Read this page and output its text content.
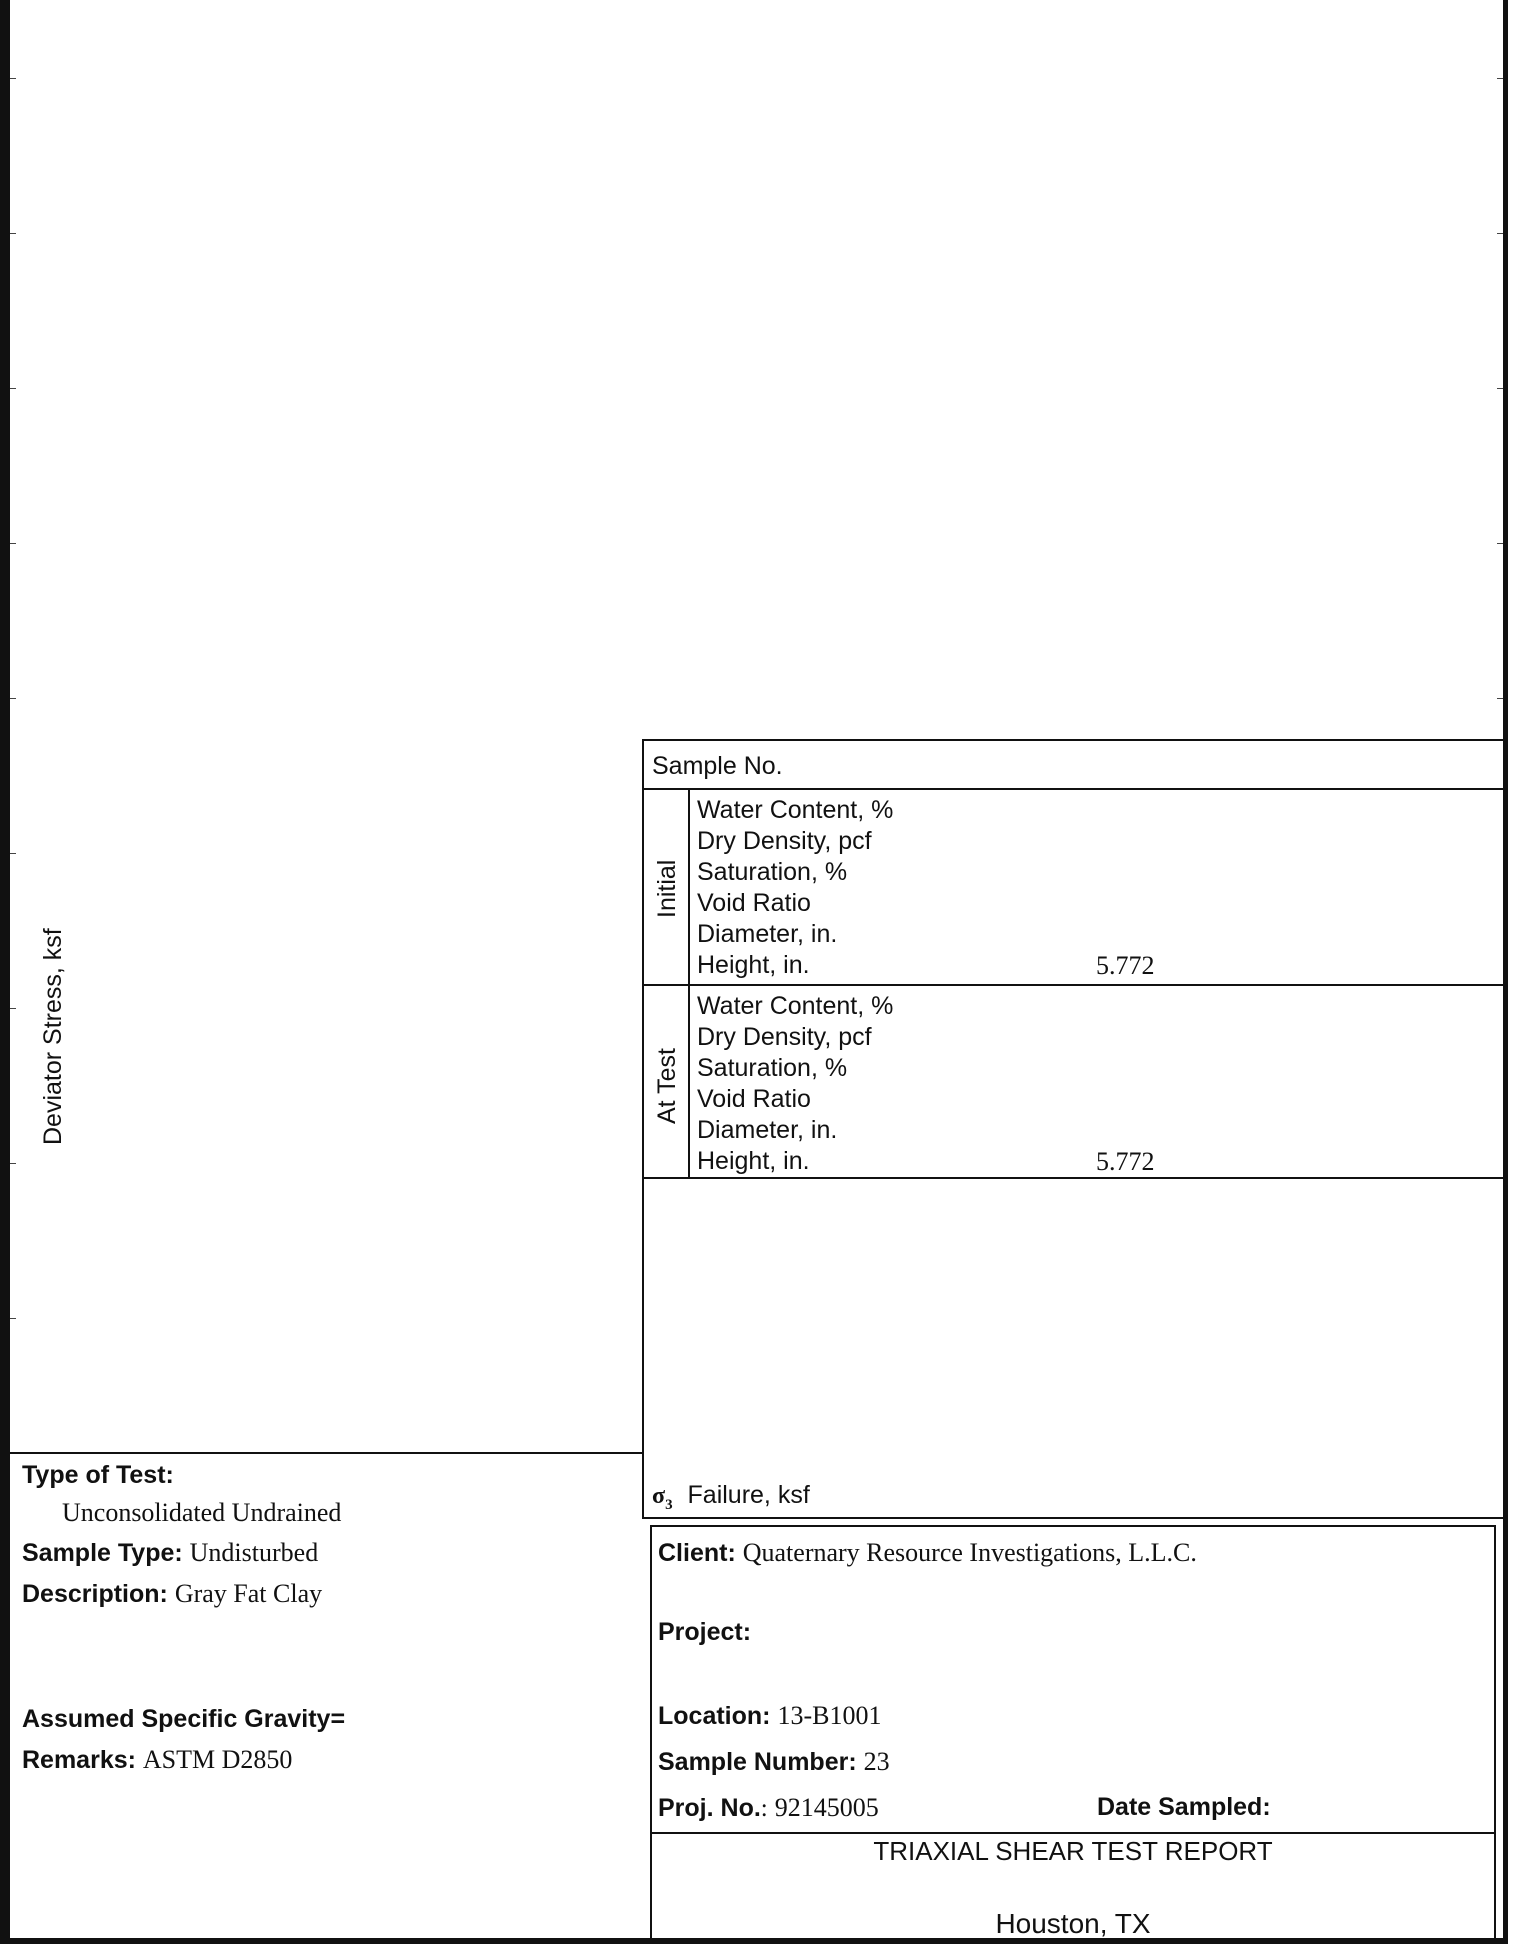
Deviator Stress, ksf
Sample No.
Initial
Water Content, %
Dry Density, pcf
Saturation, %
Void Ratio
Diameter, in.
Height, in.	5.772
At Test
Water Content, %
Dry Density, pcf
Saturation, %
Void Ratio
Diameter, in.
Height, in.	5.772
$\sigma_3$ Failure, ksf
Type of Test:
Unconsolidated Undrained
Sample Type: Undisturbed
Description: Gray Fat Clay
Assumed Specific Gravity=
Remarks: ASTM D2850
Client: Quaternary Resource Investigations, L.L.C.
Project:
Location: 13-B1001
Sample Number: 23
Proj. No.: 92145005	Date Sampled:
TRIAXIAL SHEAR TEST REPORT
Houston, TX
